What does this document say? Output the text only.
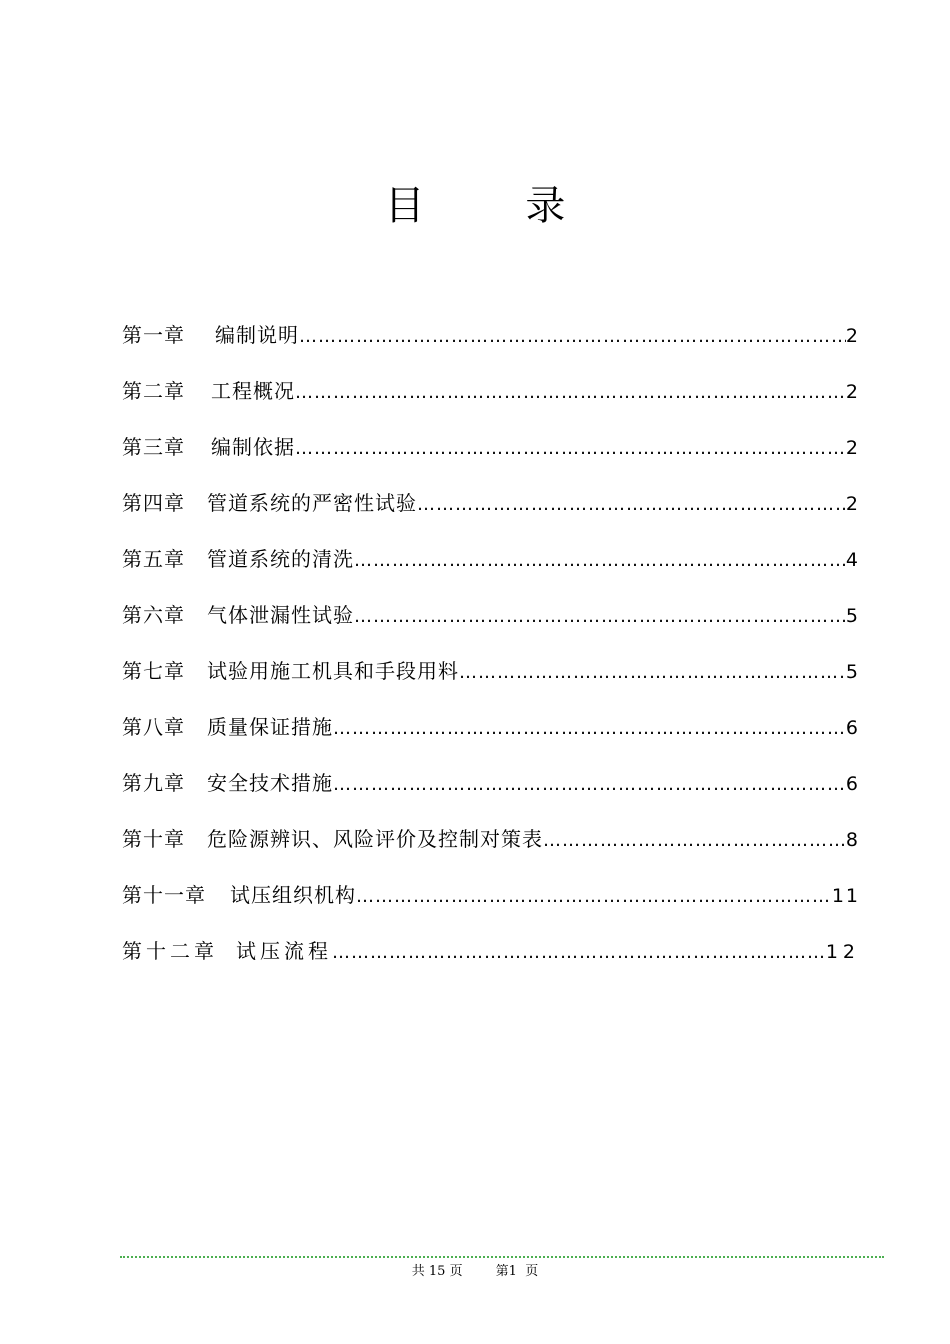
目 录
第一章 编制说明 …………………………………………………………………………………………………………………………………………	2
第二章 工程概况 …………………………………………………………………………………………………………………………………………	2
第三章 编制依据 …………………………………………………………………………………………………………………………………………	2
第四章 管道系统的严密性试验 …………………………………………………………………………………………………………………………………………	2
第五章 管道系统的清洗 …………………………………………………………………………………………………………………………………………	4
第六章 气体泄漏性试验 …………………………………………………………………………………………………………………………………………	5
第七章 试验用施工机具和手段用料 …………………………………………………………………………………………………………………………………………	5
第八章 质量保证措施 …………………………………………………………………………………………………………………………………………	6
第九章 安全技术措施 …………………………………………………………………………………………………………………………………………	6
第十章 危险源辨识、风险评价及控制对策表 …………………………………………………………………………………………………………………………………………	8
第十一章 试压组织机构 …………………………………………………………………………………………………………………………………………	11
第十二章 试压流程 …………………………………………………………………………………………………………………………………………	12
共 15 页	第1  页
